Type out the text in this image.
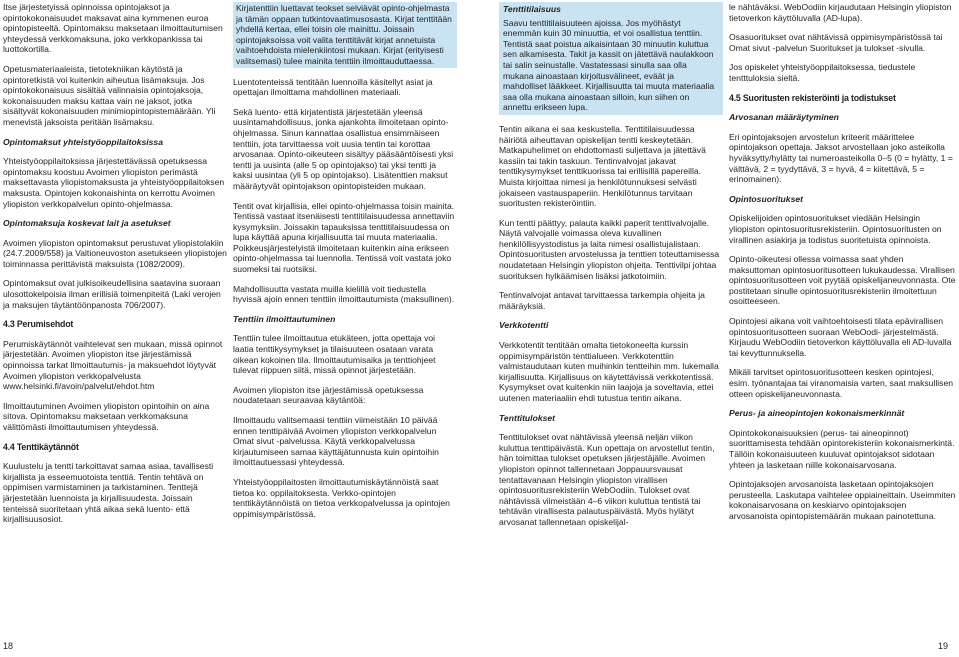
Itse järjestetyissä opinnoissa opintojaksot ja opintokokonaisuudet maksavat aina kymmenen euroa opintopisteeltä. Opintomaksu maksetaan ilmoittautumisen yhteydessä verkkomaksuna, joko verkkopankissa tai luottokortilla.

Opetusmateriaaleista, tietotekniikan käytöstä ja opintoretkistä voi kuitenkin aiheutua lisämaksuja. Jos opintokokonaisuus sisältää valinnaisia opintojaksoja, kokonaisuuden maksu kattaa vain ne jaksot, jotka sisältyvät kokonaisuuden minimiopintopistemäärään. Yli menevistä jaksoista peritään lisämaksu.

Opintomaksut yhteistyöoppilaitoksissa

Yhteistyöoppilaitoksissa järjestettävässä opetuksessa opintomaksu koostuu Avoimen yliopiston perimästä maksettavasta yliopistomaksusta ja yhteistyöoppilaitoksen maksusta. Opintojen kokonaishinta on kerrottu Avoimen yliopiston verkkopalvelun opinto-ohjelmassa.

Opintomaksuja koskevat lait ja asetukset

Avoimen yliopiston opintomaksut perustuvat yliopistolakiin (24.7.2009/558) ja Valtioneuvoston asetukseen yliopistojen toiminnassa perittävistä maksuista (1082/2009).

Opintomaksut ovat julkisoikeudellisina saatavina suoraan ulosottokelpoisia ilman erillisiä toimenpiteitä (Laki verojen ja maksujen täytäntöönpanosta 706/2007).

4.3 Perumisehdot

Perumiskäytännöt vaihtelevat sen mukaan, missä opinnot järjestetään. Avoimen yliopiston itse järjestämissä opinnoissa tarkat Ilmoittautumis- ja maksuehdot löytyvät Avoimen yliopiston verkkopalvelusta www.helsinki.fi/avoin/palvelut/ehdot.htm

Ilmoittautuminen Avoimen yliopiston opintoihin on aina sitova. Opintomaksu maksetaan verkkomaksuna välittömästi ilmoittautumisen yhteydessä.

4.4 Tenttikäytännöt

Kuulustelu ja tentti tarkoittavat samaa asiaa, tavallisesti kirjallista ja esseemuotoista tenttiä. Tentin tehtävä on oppimisen varmistaminen ja tarkistaminen. Tenttejä järjestetään luennoista ja kirjallisuudesta. Joissain tenteissä suoritetaan yhtä aikaa sekä luento- että kirjallisuusosiot.

Kirjatenttiin luettavat teokset selviävät opinto-ohjelmasta ja tämän oppaan tutkintovaatimusosasta. Kirjat tenttitään yhdellä kertaa, ellei toisin ole mainittu. Joissain opintojaksoissa voit valita tenttitävät kirjat annetuista vaihtoehdoista mielenkiintosi mukaan. Kirjat (erityisesti valitsemasi) tulee mainita tenttiin ilmoittauduttaessa.

Luentotenteissä tentitään luennoilla käsitellyt asiat ja opettajan ilmoittama mahdollinen materiaali.

Sekä luento- että kirjatentistä järjestetään yleensä uusintamahdollisuus, jonka ajankohta ilmoitetaan opinto-ohjelmassa. Sinun kannattaa osallistua ensimmäiseen tenttiin, jota tarvittaessa voit uusia tentin tai korottaa arvosanaa. Opinto-oikeuteen sisältyy pääsääntöisesti yksi tentti ja uusinta (alle 5 op opintojakso) tai yksi tentti ja kaksi uusintaa (yli 5 op opintojakso). Lisätenttien maksut määräytyvät opintojakson opintopisteiden mukaan.

Tentit ovat kirjallisia, ellei opinto-ohjelmassa toisin mainita. Tentissä vastaat itsenäisesti tenttitilaisuudessa annettaviin kysymyksiin. Joissakin tapauksissa tenttitilaisuudessa on lupa käyttää apuna kirjallisuutta tai muuta materiaalia. Poikkeusjärjestelyistä ilmoitetaan kuitenkin aina erikseen opinto-ohjelmassa tai luennolla. Tentissä voit vastata joko suomeksi tai ruotsiksi.

Mahdollisuutta vastata muilla kielillä voit tiedustella hyvissä ajoin ennen tenttiin ilmoittautumista (maksullinen).

Tenttiin ilmoittautuminen

Tenttiin tulee ilmoittautua etukäteen, jotta opettaja voi laatia tenttikysymykset ja tilaisuuteen osataan varata oikean kokoinen tila. Ilmoittautumisaika ja tenttiohjeet tulevat riippuen siitä, missä opinnot järjestetään.

Avoimen yliopiston itse järjestämissä opetuksessa noudatetaan seuraavaa käytäntöä:

Ilmoittaudu valitsemaasi tenttiin viimeistään 10 päivää ennen tenttipäivää Avoimen yliopiston verkkopalvelun Omat sivut -palvelussa. Käytä verkkopalvelussa kirjautumiseen samaa käyttäjätunnusta kuin opintoihin ilmoittautuessasi yhteydessä.

Yhteistyöoppilaitosten ilmoittautumiskäytännöistä saat tietoa ko. oppilaitoksesta. Verkko-opintojen tenttikäytännöistä on tietoa verkkopalvelussa ja opintojen oppimisympäristössä.

Tenttitilaisuus

Saavu tenttitilaisuuteen ajoissa. Jos myöhästyt enemmän kuin 30 minuuttia, et voi osallistua tenttiin. Tentistä saat poistua aikaisintaan 30 minuutin kuluttua sen alkamisesta. Takit ja kassit on jätettävä naulakkoon tai salin seinustalle. Vastatessasi sinulla saa olla mukana ainoastaan kirjoitusvälineet, eväät ja mahdolliset lääkkeet. Kirjallisuutta tai muuta materiaalia saa olla mukana ainoastaan silloin, kun siihen on annettu erikseen lupa.

Tentin aikana ei saa keskustella. Tenttitilaisuudessa häiriötä aiheuttavan opiskelijan tentti keskeytetään. Matkapuhelimet on ehdottomasti suljettava ja jätettävä kassiin tai takin taskuun. Tentinvalvojat jakavat tenttikysymykset tenttikuorissa tai erillisillä papereilla. Muista kirjoittaa nimesi ja henkilötunnuksesi selvästi jokaiseen vastauspaperiin. Henkilötunnus tarvitaan suoritusten rekisteröintiin.

Kun tentti päättyy, palauta kaikki paperit tenttivalvojalle. Näytä valvojalle voimassa oleva kuvallinen henkilöllisyystodistus ja laita nimesi osallistujalistaan. Opintosuoritusten arvostelussa ja tenttien toteuttamisessa noudatetaan Helsingin yliopiston ohjeita. Tenttivilpi johtaa suorituksen hylkäämisen lisäksi jatkotoimiin.

Tentinvalvojat antavat tarvittaessa tarkempia ohjeita ja määräyksiä.

Verkkotentti

Verkkotentit tentitään omalta tietokoneelta kurssin oppimisympäristön tenttialueen. Verkkotenttiin valmistaudutaan kuten muihinkin tentteihin mm. lukemalla kirjallisuutta. Kirjallisuus on käytettävissä verkkotentissä. Kysymykset ovat kuitenkin niin laajoja ja soveltavia, ettei uutenen materiaaliin ehdi tutustua tentin aikana.

Tenttitulokset

Tenttitulokset ovat nähtävissä yleensä neljän viikon kuluttua tenttipäivästä. Kun opettaja on arvostellut tentin, hän toimittaa tulokset opetuksen järjestäjälle. Avoimen yliopiston opinnot tallennetaan Joppauursvausat tentattavanaan Helsingin yliopiston virallisen opintosuoritusrekisteriin WebOodiin. Tulokset ovat nähtävissä viimeistään 4–6 viikon kuluttua tentistä tai tehtävän virallisesta palautuspäivästä. Myös hylätyt arvosanat tallennetaan opiskelijal-

le nähtäväksi. WebOodiin kirjaudutaan Helsingin yliopiston tietoverkon käyttöluvalla (AD-lupa).

Osasuoritukset ovat nähtävissä oppimisympäristössä tai Omat sivut -palvelun Suoritukset ja tulokset -sivulla.

Jos opiskelet yhteistyöoppilaitoksessa, tiedustele tentttuloksia sieltä.

4.5 Suoritusten rekisteröinti ja todistukset

Arvosanan määräytyminen

Eri opintojaksojen arvostelun kriteerit määrittelee opintojakson opettaja. Jaksot arvostellaan joko asteikolla hyväksytty/hylätty tai numeroasteikolla 0–5 (0 = hylätty, 1 = välttävä, 2 = tyydyttävä, 3 = hyvä, 4 = kiitettävä, 5 = erinomainen).

Opintosuoritukset

Opiskelijoiden opintosuoritukset viedään Helsingin yliopiston opintosuoritusrekisteriin. Opintosuoritusten on virallinen asiakirja ja todistus suoritetuista opinnoista.

Opinto-oikeutesi ollessa voimassa saat yhden maksuttoman opintosuoritusotteen lukukaudessa. Virallisen opintosuoritusotteen voit pyytää opiskelijaneuvonnasta. Ote postitetaan sinulle opintosuoritusrekisteriin ilmoitettuun osoitteeseen.

Opintojesi aikana voit vaihtoehtoisesti tilata epävirallisen opintosuoritusotteen suoraan WebOodi- järjestelmästä. Kirjaudu WebOodiin tietoverkon käyttöluvalla eli AD-luvalla tai kevyttunnuksella.

Mikäli tarvitset opintosuoritusotteen kesken opintojesi, esim. työnantajaa tai viranomaisia varten, saat maksullisen otteen opiskelijaneuvonnasta.

Perus- ja aineopintojen kokonaismerkinnät

Opintokokonaisuuksien (perus- tai aineopinnot) suorittamisesta tehdään opintorekisteriin kokonaismerkintä. Tällöin kokonaisuuteen kuuluvat opintojaksot sidotaan yhteen ja lasketaan niille kokonaisarvosana.

Opintojaksojen arvosanoista lasketaan opintojaksojen perusteella. Laskutapa vaihtelee oppiaineittain. Useimmiten kokonaisarvosana on keskiarvo opintojaksojen arvosanoista opintopistemäärän mukaan painotettuna.

18	19
